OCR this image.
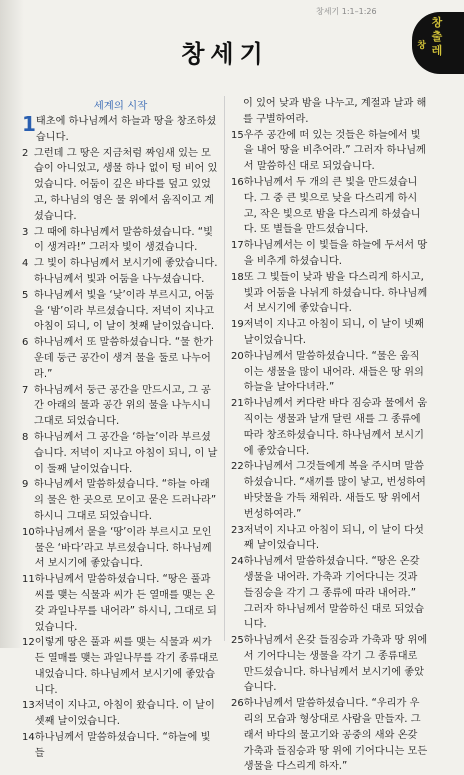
창세기 1:1–1:26
창세기
창
출
레
창
세계의 시작
1 태초에 하나님께서 하늘과 땅을 창조하셨습니다.
2 그런데 그 땅은 지금처럼 짜임새 있는 모습이 아니었고, 생물 하나 없이 텅 비어 있었습니다. 어둠이 깊은 바다를 덮고 있었고, 하나님의 영은 물 위에서 움직이고 계셨습니다.
3 그 때에 하나님께서 말씀하셨습니다. “빛이 생겨라!” 그러자 빛이 생겼습니다.
4 그 빛이 하나님께서 보시기에 좋았습니다. 하나님께서 빛과 어둠을 나누셨습니다.
5 하나님께서 빛을 ‘낮’이라 부르시고, 어둠을 ‘밤’이라 부르셨습니다. 저녁이 지나고 아침이 되니, 이 날이 첫째 날이었습니다.
6 하나님께서 또 말씀하셨습니다. “물 한가운데 둥근 공간이 생겨 물을 둘로 나누어라.”
7 하나님께서 둥근 공간을 만드시고, 그 공간 아래의 물과 공간 위의 물을 나누시니 그대로 되었습니다.
8 하나님께서 그 공간을 ‘하늘’이라 부르셨습니다. 저녁이 지나고 아침이 되니, 이 날이 둘째 날이었습니다.
9 하나님께서 말씀하셨습니다. “하늘 아래의 물은 한 곳으로 모이고 뭍은 드러나라” 하시니 그대로 되었습니다.
10 하나님께서 뭍을 ‘땅’이라 부르시고 모인 물은 ‘바다’라고 부르셨습니다. 하나님께서 보시기에 좋았습니다.
11 하나님께서 말씀하셨습니다. “땅은 풀과 씨를 맺는 식물과 씨가 든 열매를 맺는 온갖 과일나무를 내어라” 하시니, 그대로 되었습니다.
12 이렇게 땅은 풀과 씨를 맺는 식물과 씨가 든 열매를 맺는 과일나무를 각기 종류대로 내었습니다. 하나님께서 보시기에 좋았습니다.
13 저녁이 지나고, 아침이 왔습니다. 이 날이 셋째 날이었습니다.
14 하나님께서 말씀하셨습니다. “하늘에 빛들
이 있어 낮과 밤을 나누고, 계절과 날과 해를 구별하여라.
15 우주 공간에 떠 있는 것들은 하늘에서 빛을 내어 땅을 비추어라.” 그러자 하나님께서 말씀하신 대로 되었습니다.
16 하나님께서 두 개의 큰 빛을 만드셨습니다. 그 중 큰 빛으로 낮을 다스리게 하시고, 작은 빛으로 밤을 다스리게 하셨습니다. 또 별들을 만드셨습니다.
17 하나님께서는 이 빛들을 하늘에 두셔서 땅을 비추게 하셨습니다.
18 또 그 빛들이 낮과 밤을 다스리게 하시고, 빛과 어둠을 나뉘게 하셨습니다. 하나님께서 보시기에 좋았습니다.
19 저녁이 지나고 아침이 되니, 이 날이 넷째 날이었습니다.
20 하나님께서 말씀하셨습니다. “물은 움직이는 생물을 많이 내어라. 새들은 땅 위의 하늘을 날아다녀라.”
21 하나님께서 커다란 바다 짐승과 물에서 움직이는 생물과 날개 달린 새를 그 종류에 따라 창조하셨습니다. 하나님께서 보시기에 좋았습니다.
22 하나님께서 그것들에게 복을 주시며 말씀하셨습니다. “새끼를 많이 낳고, 번성하여 바닷물을 가득 채워라. 새들도 땅 위에서 번성하여라.”
23 저녁이 지나고 아침이 되니, 이 날이 다섯째 날이었습니다.
24 하나님께서 말씀하셨습니다. “땅은 온갖 생물을 내어라. 가축과 기어다니는 것과 들짐승을 각기 그 종류에 따라 내어라.” 그러자 하나님께서 말씀하신 대로 되었습니다.
25 하나님께서 온갖 들짐승과 가축과 땅 위에서 기어다니는 생물을 각기 그 종류대로 만드셨습니다. 하나님께서 보시기에 좋았습니다.
26 하나님께서 말씀하셨습니다. “우리가 우리의 모습과 형상대로 사람을 만들자. 그래서 바다의 물고기와 공중의 새와 온갖 가축과 들짐승과 땅 위에 기어다니는 모든 생물을 다스리게 하자.”
